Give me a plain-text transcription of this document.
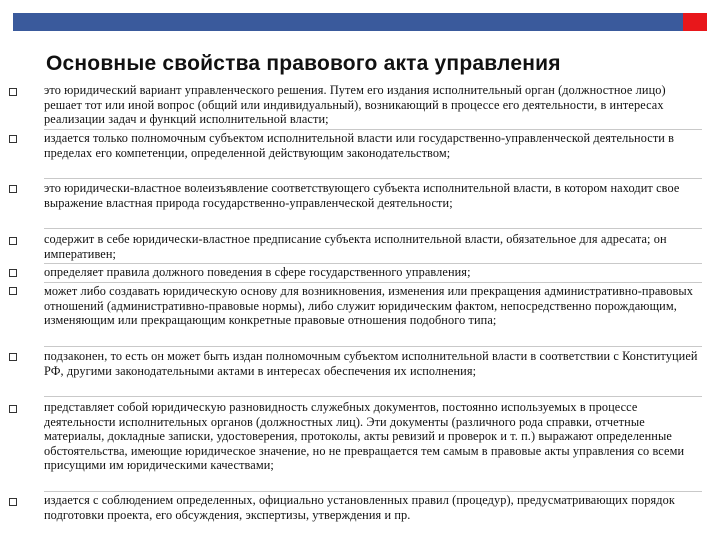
Основные свойства правового акта управления
это юридический вариант управленческого решения. Путем его издания исполнительный орган (должностное лицо) решает тот или иной вопрос (общий или индивидуальный), возникающий в процессе его деятельности, в интересах реализации задач и функций исполнительной власти;
издается только полномочным субъектом исполнительной власти или государственно-управленческой деятельности в пределах его компетенции, определенной действующим законодательством;
это юридически-властное волеизъявление соответствующего субъекта исполнительной власти, в котором находит свое выражение властная природа государственно-управленческой деятельности;
содержит в себе юридически-властное предписание субъекта исполнительной власти, обязательное для адресата; он императивен;
определяет правила должного поведения в сфере государственного управления;
может либо создавать юридическую основу для возникновения, изменения или прекращения административно-правовых отношений (административно-правовые нормы), либо служит юридическим фактом, непосредственно порождающим, изменяющим или прекращающим конкретные правовые отношения подобного типа;
подзаконен, то есть он может быть издан полномочным субъектом исполнительной власти в соответствии с Конституцией РФ, другими законодательными актами в интересах обеспечения их исполнения;
представляет собой юридическую разновидность служебных документов, постоянно используемых в процессе деятельности исполнительных органов (должностных лиц). Эти документы (различного рода справки, отчетные материалы, докладные записки, удостоверения, протоколы, акты ревизий и проверок и т. п.) выражают определенные обстоятельства, имеющие юридическое значение, но не превращается тем самым в правовые акты управления со всеми присущими им юридическими качествами;
издается с соблюдением определенных, официально установленных правил (процедур), предусматривающих порядок подготовки проекта, его обсуждения, экспертизы, утверждения и пр.
